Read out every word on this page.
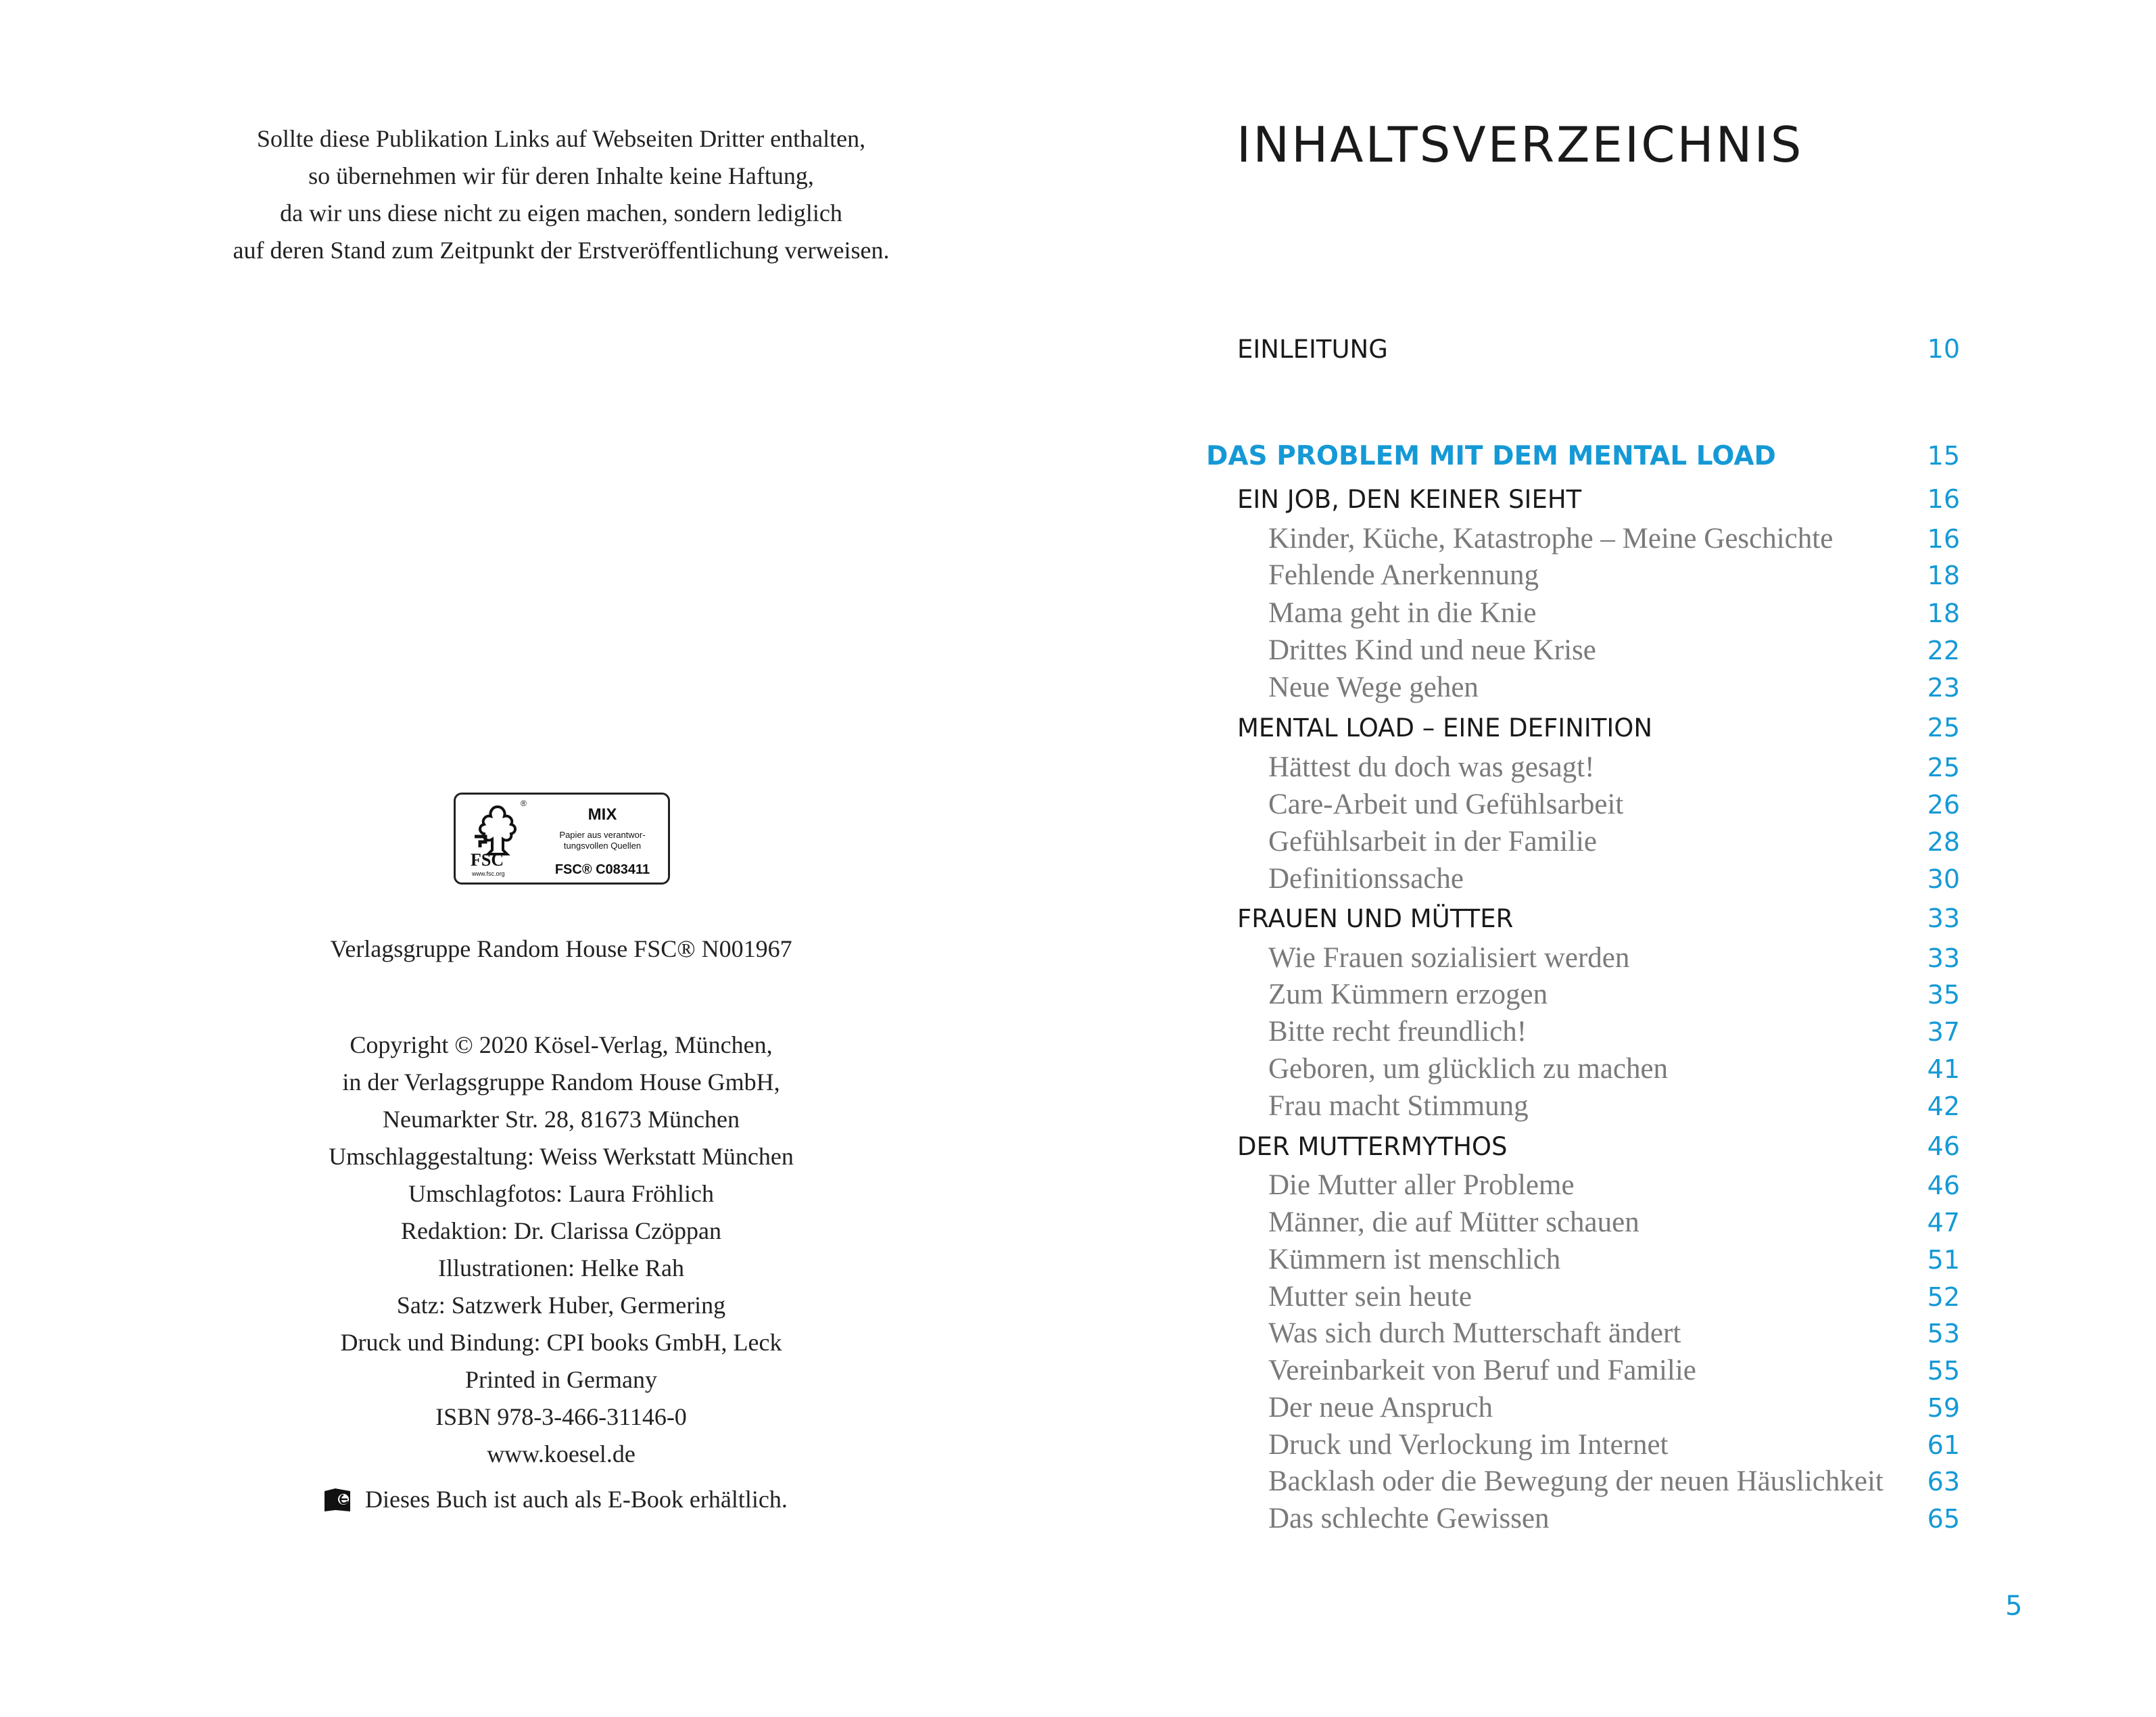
Sollte diese Publikation Links auf Webseiten Dritter enthalten,
so übernehmen wir für deren Inhalte keine Haftung,
da wir uns diese nicht zu eigen machen, sondern lediglich
auf deren Stand zum Zeitpunkt der Erstveröffentlichung verweisen.
®
FSC
www.fsc.org
MIX
Papier aus verantwor-
tungsvollen Quellen
FSC® C083411
Verlagsgruppe Random House FSC® N001967
Copyright © 2020 Kösel-Verlag, München,
in der Verlagsgruppe Random House GmbH,
Neumarkter Str. 28, 81673 München
Umschlaggestaltung: Weiss Werkstatt München
Umschlagfotos: Laura Fröhlich
Redaktion: Dr. Clarissa Czöppan
Illustrationen: Helke Rah
Satz: Satzwerk Huber, Germering
Druck und Bindung: CPI books GmbH, Leck
Printed in Germany
ISBN 978-3-466-31146-0
www.koesel.de
Dieses Buch ist auch als E-Book erhältlich.
INHALTSVERZEICHNIS
EINLEITUNG	10
DAS PROBLEM MIT DEM MENTAL LOAD	15
EIN JOB, DEN KEINER SIEHT	16
Kinder, Küche, Katastrophe – Meine Geschichte	16
Fehlende Anerkennung	18
Mama geht in die Knie	18
Drittes Kind und neue Krise	22
Neue Wege gehen	23
MENTAL LOAD – EINE DEFINITION	25
Hättest du doch was gesagt!	25
Care-Arbeit und Gefühlsarbeit	26
Gefühlsarbeit in der Familie	28
Definitionssache	30
FRAUEN UND MÜTTER	33
Wie Frauen sozialisiert werden	33
Zum Kümmern erzogen	35
Bitte recht freundlich!	37
Geboren, um glücklich zu machen	41
Frau macht Stimmung	42
DER MUTTERMYTHOS	46
Die Mutter aller Probleme	46
Männer, die auf Mütter schauen	47
Kümmern ist menschlich	51
Mutter sein heute	52
Was sich durch Mutterschaft ändert	53
Vereinbarkeit von Beruf und Familie	55
Der neue Anspruch	59
Druck und Verlockung im Internet	61
Backlash oder die Bewegung der neuen Häuslichkeit 63
Das schlechte Gewissen	65
5
